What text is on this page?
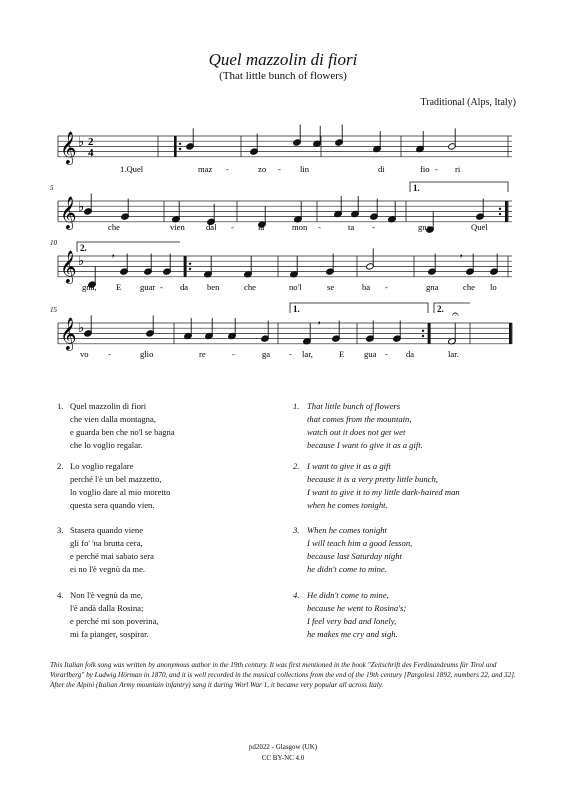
Quel mazzolin di fiori
(That little bunch of flowers)
Traditional (Alps, Italy)
𝄞
𝄞
𝄞
𝄞
♭
♭
♭
♭
2
4
5
10
15
1.
2.
1.	2.
,	,
,	𝄐
1.Quel	maz -	zo - lin	di	fio - ri
che	vien dal -	la	mon -	ta -	gna,	Quel
gna, E guar - da ben	che	no'l	se	ba -	gna	che lo
vo -	glio	re	-	ga - lar,	E gua - da	lar.
1. Quel mazzolin di fiori
che vien dalla montagna,
e guarda ben che no'l se bagna
che lo voglio regalar.
2. Lo voglio regalare
perché l'è un bel mazzetto,
lo voglio dare al mio moretto
questa sera quando vien.
3. Stasera quando viene
gli fo' 'na brutta cera,
e perché mai sabato sera
ei no l'è vegnù da me.
4. Non l'è vegnù da me,
l'è andà dalla Rosina;
e perché mi son poverina,
mi fa pianger, sospirar.
1. That little bunch of flowers
that comes from the mountain,
watch out it does not get wet
because I want to give it as a gift.
2. I want to give it as a gift
because it is a very pretty little bunch,
I want to give it to my little dark-haired man
when he comes tonight.
3. When he comes tonight
I will teach him a good lesson,
because last Saturday night
he didn't come to mine.
4. He didn't come to mine,
because he went to Rosina's;
I feel very bad and lonely,
he makes me cry and sigh.
This Italian folk song was written by anonymous author in the 19th century. It was first mentioned in the book "Zeitschrift des Ferdinandeums für Tirol und Vorarlberg" by Ludwig Hörman in 1870, and it is well recorded in the musical collections from the end of the 19th century [Pargolesi 1892, numbers 22, and 32].
After the Alpini (Italian Army mountain infantry) sang it during Worl War 1, it became very popular all across Italy.
pd2022 - Glasgow (UK)
CC BY-NC 4.0
